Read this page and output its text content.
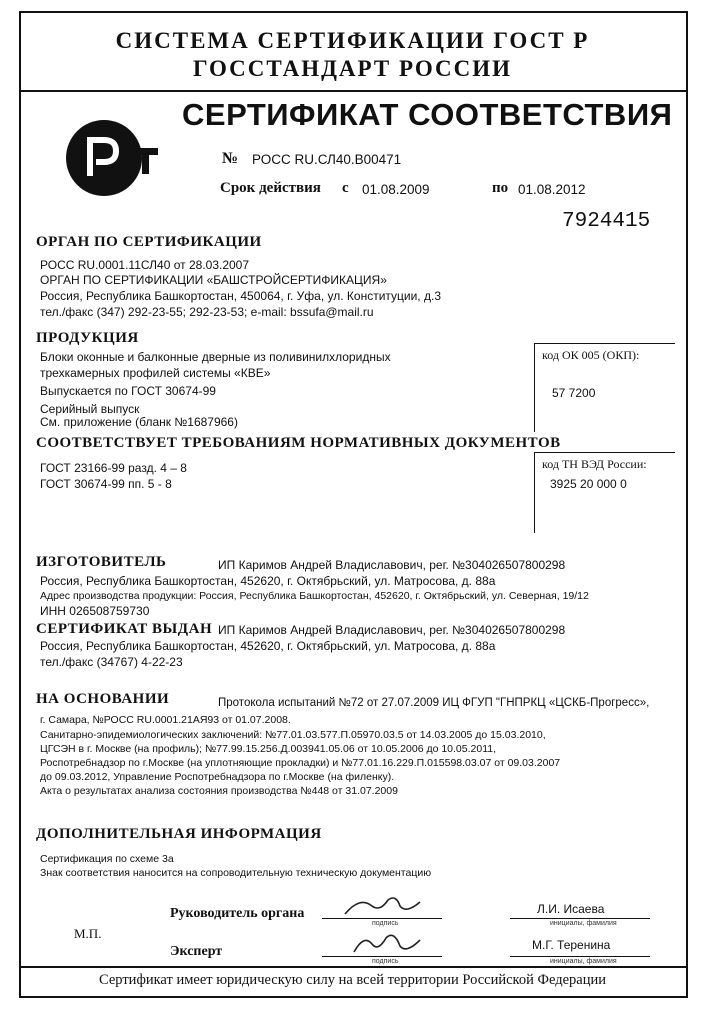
СИСТЕМА СЕРТИФИКАЦИИ ГОСТ Р
ГОССТАНДАРТ РОССИИ
СЕРТИФИКАТ СООТВЕТСТВИЯ
№ РОСС RU.СЛ40.В00471
Срок действия с 01.08.2009	по 01.08.2012
7924415
ОРГАН ПО СЕРТИФИКАЦИИ
РОСС RU.0001.11СЛ40 от 28.03.2007
ОРГАН ПО СЕРТИФИКАЦИИ «БАШСТРОЙСЕРТИФИКАЦИЯ»
Россия, Республика Башкортостан, 450064, г. Уфа, ул. Конституции, д.3
тел./факс (347) 292-23-55; 292-23-53; e-mail: bssufa@mail.ru
ПРОДУКЦИЯ
Блоки оконные и балконные дверные из поливинилхлоридных
трехкамерных профилей системы «КВЕ»
Выпускается по ГОСТ 30674-99
Серийный выпуск
См. приложение (бланк №1687966)
код ОК 005 (ОКП):
57 7200
СООТВЕТСТВУЕТ ТРЕБОВАНИЯМ НОРМАТИВНЫХ ДОКУМЕНТОВ
ГОСТ 23166-99 разд. 4 – 8
ГОСТ 30674-99 пп. 5 - 8
код ТН ВЭД России:
3925 20 000 0
ИЗГОТОВИТЕЛЬ	ИП Каримов Андрей Владиславович, рег. №304026507800298
Россия, Республика Башкортостан, 452620, г. Октябрьский, ул. Матросова, д. 88а
Адрес производства продукции: Россия, Республика Башкортостан, 452620, г. Октябрьский, ул. Северная, 19/12
ИНН 026508759730
СЕРТИФИКАТ ВЫДАН ИП Каримов Андрей Владиславович, рег. №304026507800298
Россия, Республика Башкортостан, 452620, г. Октябрьский, ул. Матросова, д. 88а
тел./факс (34767) 4-22-23
НА ОСНОВАНИИ	Протокола испытаний №72 от 27.07.2009 ИЦ ФГУП "ГНПРКЦ «ЦСКБ-Прогресс»,
г. Самара, №РОСС RU.0001.21АЯ93 от 01.07.2008.
Санитарно-эпидемиологических заключений: №77.01.03.577.П.05970.03.5 от 14.03.2005 до 15.03.2010,
ЦГСЭН в г. Москве (на профиль); №77.99.15.256.Д.003941.05.06 от 10.05.2006 до 10.05.2011,
Роспотребнадзор по г.Москве (на уплотняющие прокладки) и №77.01.16.229.П.015598.03.07 от 09.03.2007
до 09.03.2012, Управление Роспотребнадзора по г.Москве (на филенку).
Акта о результатах анализа состояния производства №448 от 31.07.2009
ДОПОЛНИТЕЛЬНАЯ ИНФОРМАЦИЯ
Сертификация по схеме 3а
Знак соответствия наносится на сопроводительную техническую документацию
М.П.
Руководитель органа
подпись
Л.И. Исаева
инициалы, фамилия
Эксперт
подпись
М.Г. Теренина
инициалы, фамилия
Сертификат имеет юридическую силу на всей территории Российской Федерации
